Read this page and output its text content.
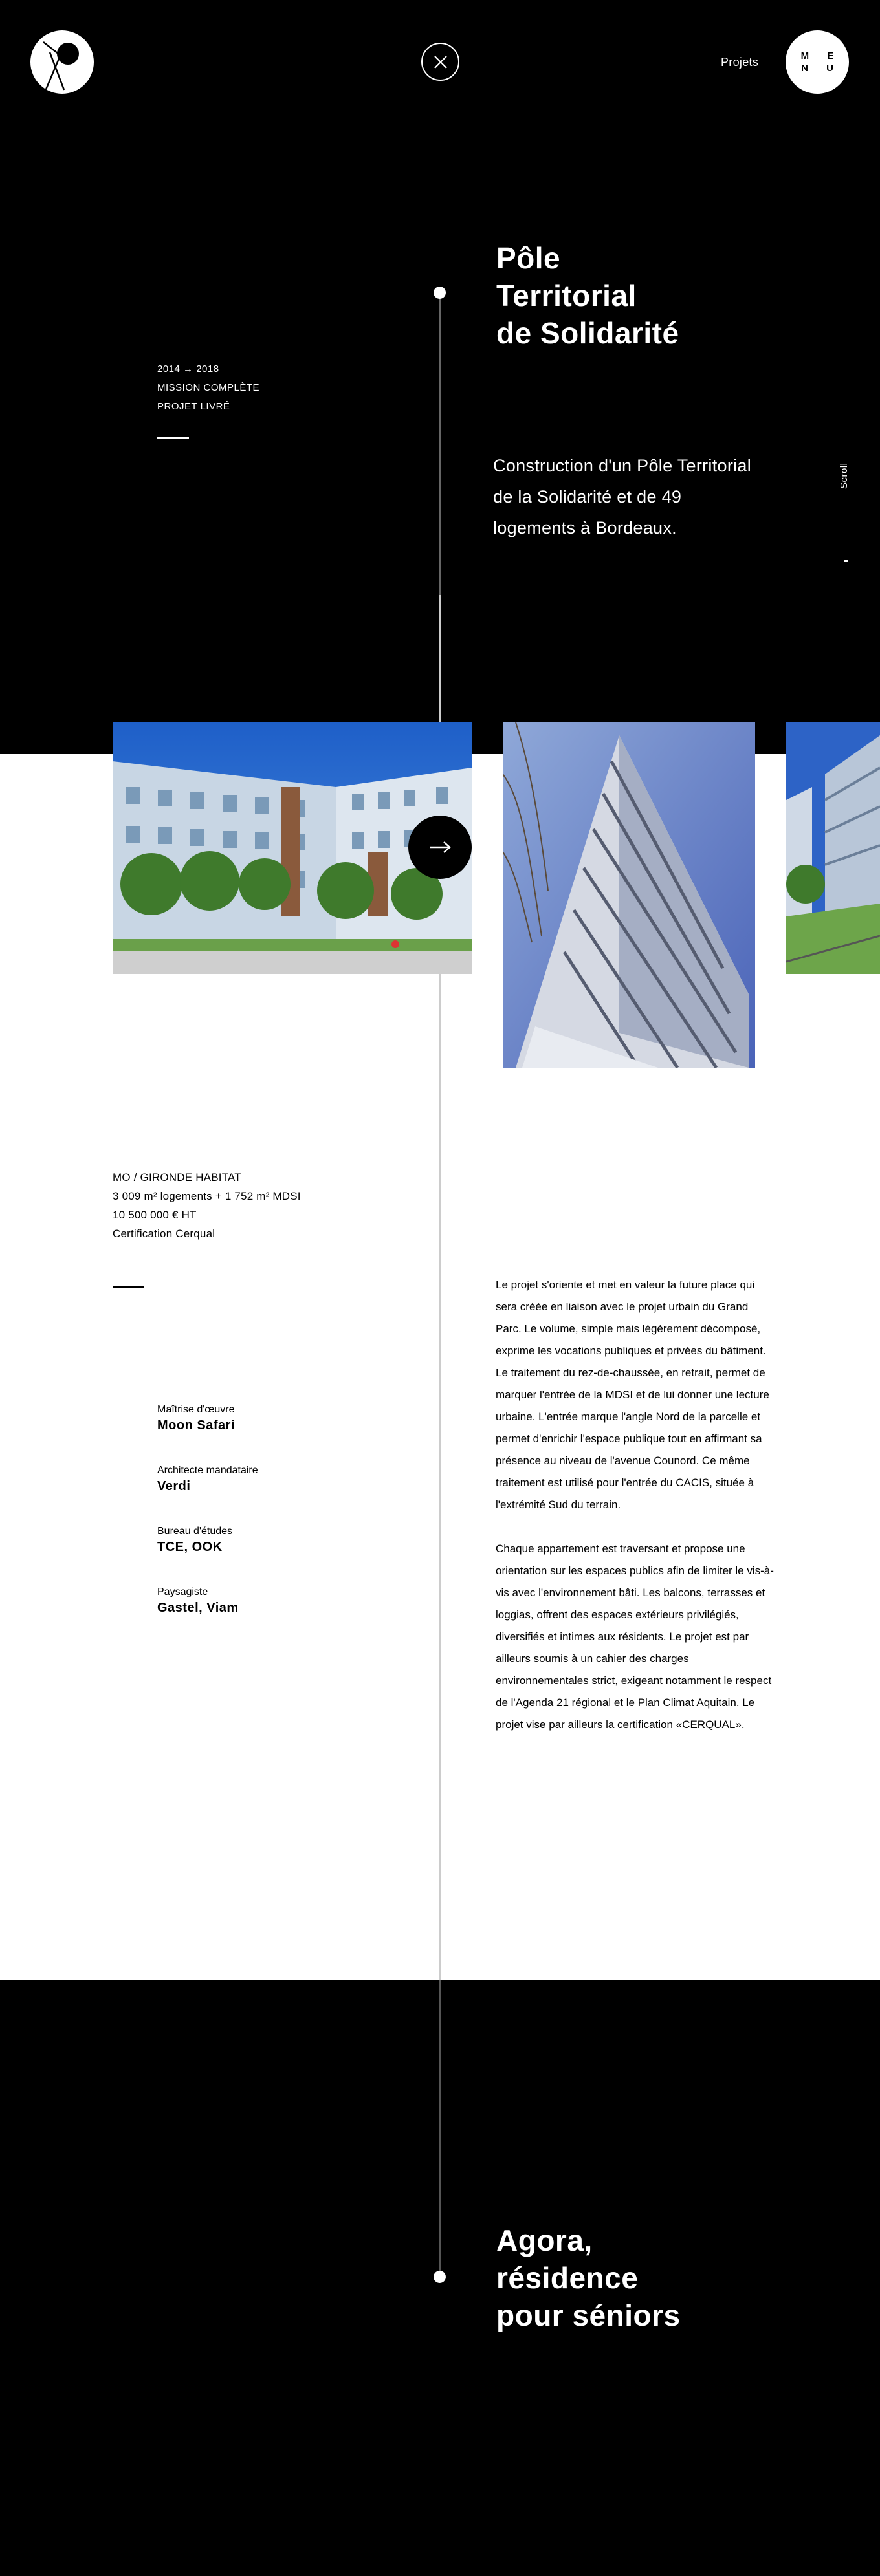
Projets	M E
N U
Pôle
Territorial
de Solidarité
2014 → 2018
MISSION COMPLÈTE
PROJET LIVRÉ
Construction d'un Pôle Territorial de la Solidarité et de 49 logements à Bordeaux.
Scroll
MO / GIRONDE HABITAT
3 009 m² logements + 1 752 m² MDSI
10 500 000 € HT
Certification Cerqual
Maîtrise d'œuvre
Moon Safari
Architecte mandataire
Verdi
Bureau d'études
TCE, OOK
Paysagiste
Gastel, Viam

Le projet s'oriente et met en valeur la future place qui sera créée en liaison avec le projet urbain du Grand Parc. Le volume, simple mais légèrement décomposé, exprime les vocations publiques et privées du bâtiment. Le traitement du rez-de-chaussée, en retrait, permet de marquer l'entrée de la MDSI et de lui donner une lecture urbaine. L'entrée marque l'angle Nord de la parcelle et permet d'enrichir l'espace publique tout en affirmant sa présence au niveau de l'avenue Counord. Ce même traitement est utilisé pour l'entrée du CACIS, située à l'extrémité Sud du terrain.

Chaque appartement est traversant et propose une orientation sur les espaces publics afin de limiter le vis-à-vis avec l'environnement bâti. Les balcons, terrasses et loggias, offrent des espaces extérieurs privilégiés, diversifiés et intimes aux résidents. Le projet est par ailleurs soumis à un cahier des charges environnementales strict, exigeant notamment le respect de l'Agenda 21 régional et le Plan Climat Aquitain. Le projet vise par ailleurs la certification «CERQUAL».

Agora,
résidence
pour séniors
